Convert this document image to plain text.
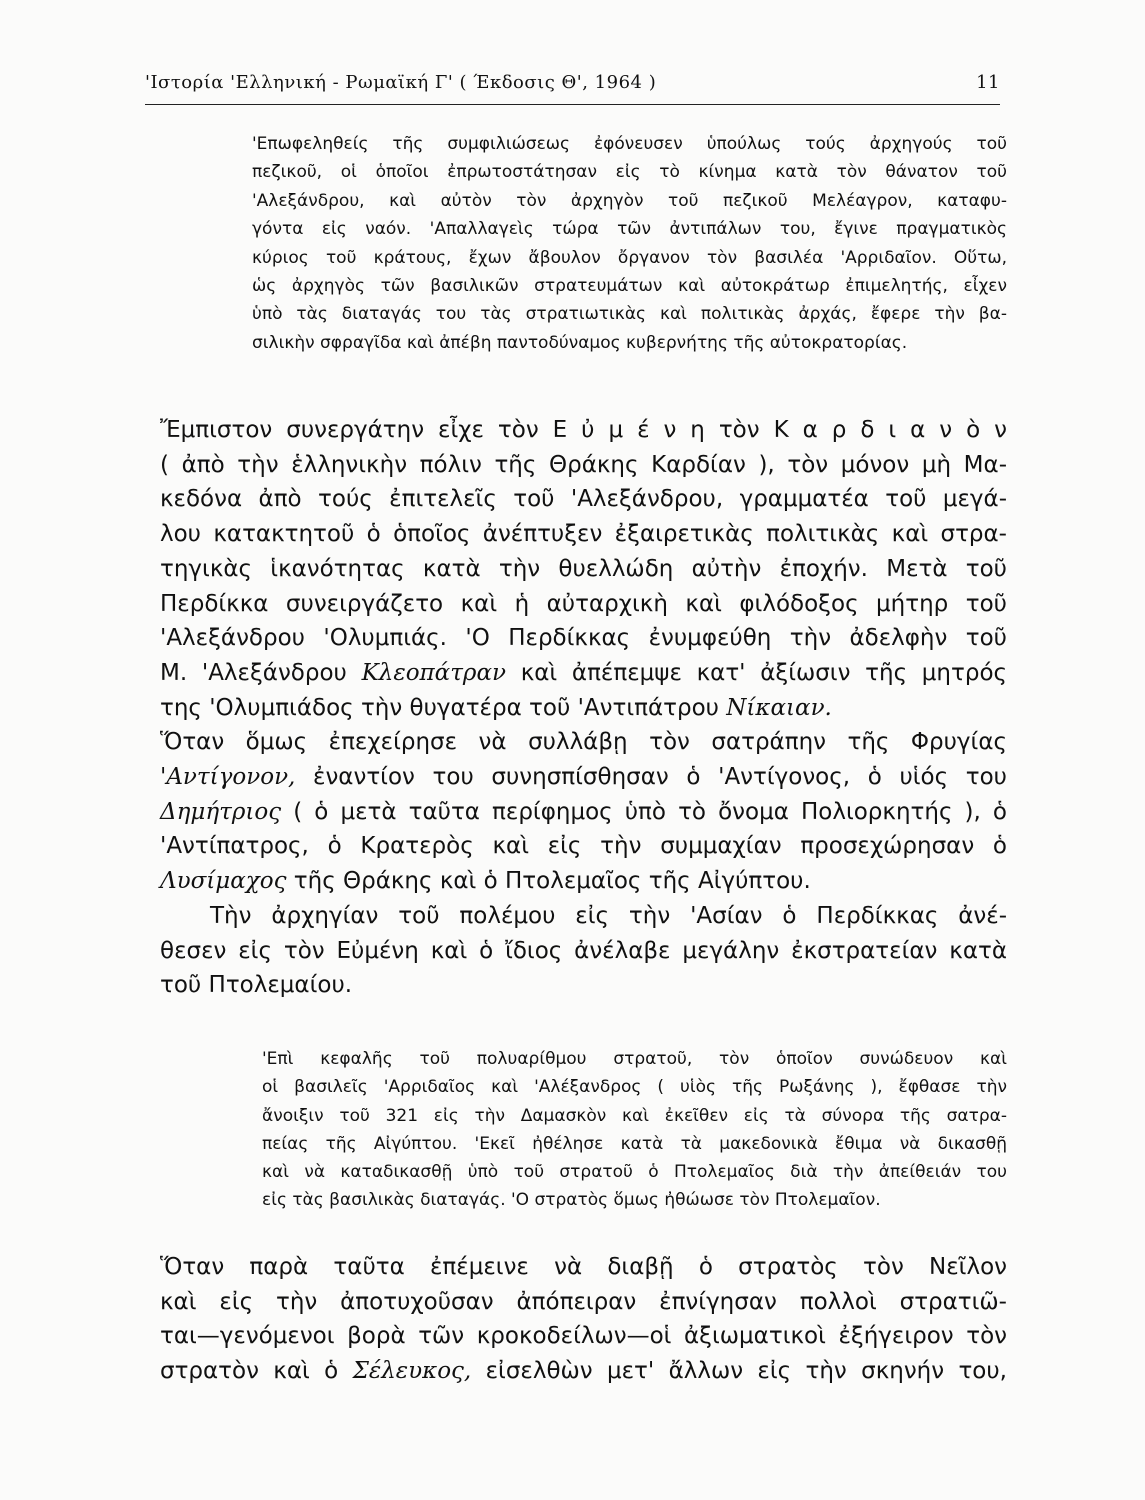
'Ιστορία 'Ελληνική - Ρωμαϊκή Γ' ( Έκδοσις Θ', 1964 )	11
'Επωφεληθείς τῆς συμφιλιώσεως ἐφόνευσεν ὑπούλως τούς ἀρχηγούς τοῦ
πεζικοῦ, οἱ ὁποῖοι ἐπρωτοστάτησαν εἰς τὸ κίνημα κατὰ τὸν θάνατον τοῦ
'Αλεξάνδρου, καὶ αὐτὸν τὸν ἀρχηγὸν τοῦ πεζικοῦ Μελέαγρον, καταφυ-
γόντα εἰς ναόν. 'Απαλλαγεὶς τώρα τῶν ἀντιπάλων του, ἔγινε πραγματικὸς
κύριος τοῦ κράτους, ἔχων ἄβουλον ὄργανον τὸν βασιλέα 'Αρριδαῖον. Οὕτω,
ὡς ἀρχηγὸς τῶν βασιλικῶν στρατευμάτων καὶ αὐτοκράτωρ ἐπιμελητής, εἶχεν
ὑπὸ τὰς διαταγάς του τὰς στρατιωτικὰς καὶ πολιτικὰς ἀρχάς, ἔφερε τὴν βα-
σιλικὴν σφραγῖδα καὶ ἀπέβη παντοδύναμος κυβερνήτης τῆς αὐτοκρατορίας.
Ἔμπιστον συνεργάτην εἶχε τὸν Ε ὐ μ έ ν η τὸν Κ α ρ δ ι α ν ὸ ν
( ἀπὸ τὴν ἑλληνικὴν πόλιν τῆς Θράκης Καρδίαν ), τὸν μόνον μὴ Μα-
κεδόνα ἀπὸ τούς ἐπιτελεῖς τοῦ 'Αλεξάνδρου, γραμματέα τοῦ μεγά-
λου κατακτητοῦ ὁ ὁποῖος ἀνέπτυξεν ἐξαιρετικὰς πολιτικὰς καὶ στρα-
τηγικὰς ἱκανότητας κατὰ τὴν θυελλώδη αὐτὴν ἐποχήν. Μετὰ τοῦ
Περδίκκα συνειργάζετο καὶ ἡ αὐταρχικὴ καὶ φιλόδοξος μήτηρ τοῦ
'Αλεξάνδρου 'Ολυμπιάς. 'Ο Περδίκκας ἐνυμφεύθη τὴν ἀδελφὴν τοῦ
Μ. 'Αλεξάνδρου Κλεοπάτραν καὶ ἀπέπεμψε κατ' ἀξίωσιν τῆς μητρός
της 'Ολυμπιάδος τὴν θυγατέρα τοῦ 'Αντιπάτρου Νίκαιαν.
Ὅταν ὅμως ἐπεχείρησε νὰ συλλάβῃ τὸν σατράπην τῆς Φρυγίας
'Αντίγονον, ἐναντίον του συνησπίσθησαν ὁ 'Αντίγονος, ὁ υἱός του
Δημήτριος ( ὁ μετὰ ταῦτα περίφημος ὑπὸ τὸ ὄνομα Πολιορκητής ), ὁ
'Αντίπατρος, ὁ Κρατερὸς καὶ εἰς τὴν συμμαχίαν προσεχώρησαν ὁ
Λυσίμαχος τῆς Θράκης καὶ ὁ Πτολεμαῖος τῆς Αἰγύπτου.
Τὴν ἀρχηγίαν τοῦ πολέμου εἰς τὴν 'Ασίαν ὁ Περδίκκας ἀνέ-
θεσεν εἰς τὸν Εὐμένη καὶ ὁ ἴδιος ἀνέλαβε μεγάλην ἐκστρατείαν κατὰ
τοῦ Πτολεμαίου.
'Επὶ κεφαλῆς τοῦ πολυαρίθμου στρατοῦ, τὸν ὁποῖον συνώδευον καὶ
οἱ βασιλεῖς 'Αρριδαῖος καὶ 'Αλέξανδρος ( υἱὸς τῆς Ρωξάνης ), ἔφθασε τὴν
ἄνοιξιν τοῦ 321 εἰς τὴν Δαμασκὸν καὶ ἐκεῖθεν εἰς τὰ σύνορα τῆς σατρα-
πείας τῆς Αἰγύπτου. 'Εκεῖ ἠθέλησε κατὰ τὰ μακεδονικὰ ἔθιμα νὰ δικασθῇ
καὶ νὰ καταδικασθῇ ὑπὸ τοῦ στρατοῦ ὁ Πτολεμαῖος διὰ τὴν ἀπείθειάν του
εἰς τὰς βασιλικὰς διαταγάς. 'Ο στρατὸς ὅμως ἠθώωσε τὸν Πτολεμαῖον.
Ὅταν παρὰ ταῦτα ἐπέμεινε νὰ διαβῇ ὁ στρατὸς τὸν Νεῖλον
καὶ εἰς τὴν ἀποτυχοῦσαν ἀπόπειραν ἐπνίγησαν πολλοὶ στρατιῶ-
ται—γενόμενοι βορὰ τῶν κροκοδείλων—οἱ ἀξιωματικοὶ ἐξήγειρον τὸν
στρατὸν καὶ ὁ Σέλευκος, εἰσελθὼν μετ' ἄλλων εἰς τὴν σκηνήν του,
